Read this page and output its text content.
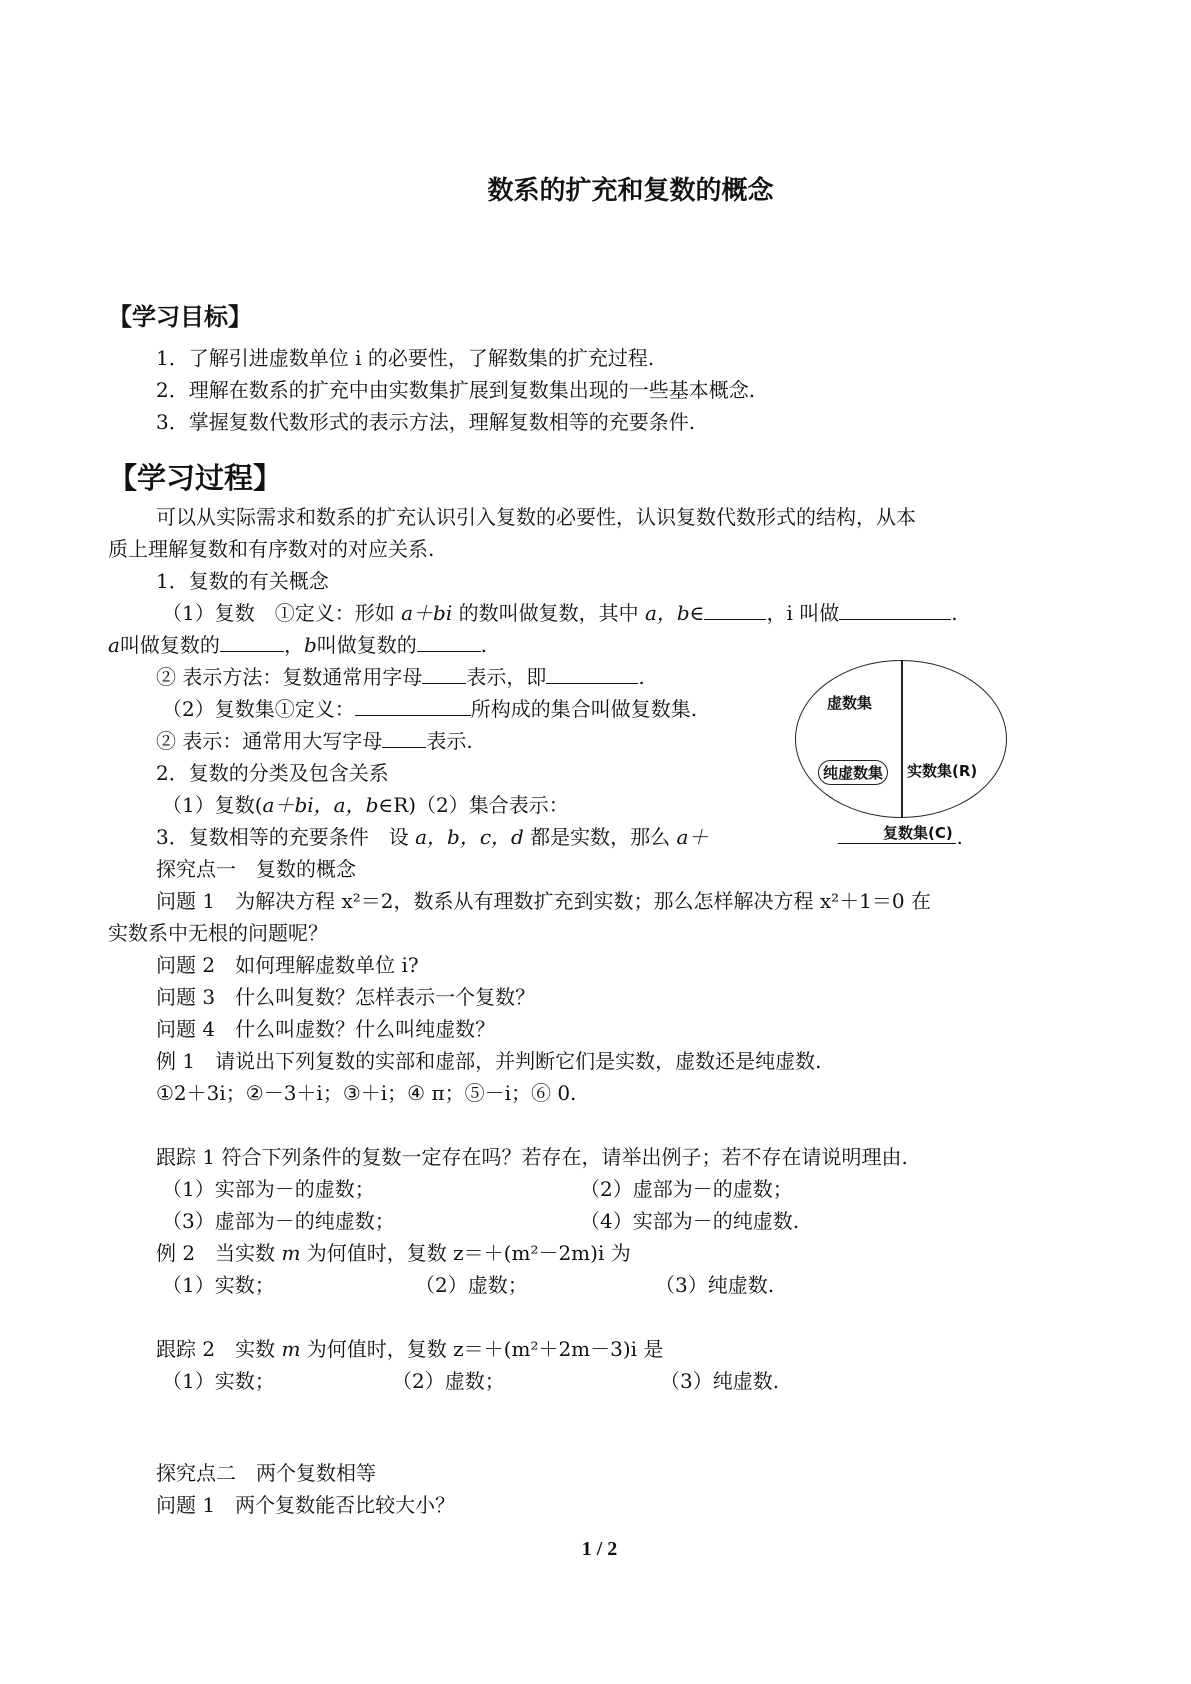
数系的扩充和复数的概念
【学习目标】
1．了解引进虚数单位 i 的必要性，了解数集的扩充过程.
2．理解在数系的扩充中由实数集扩展到复数集出现的一些基本概念.
3．掌握复数代数形式的表示方法，理解复数相等的充要条件.
【学习过程】
可以从实际需求和数系的扩充认识引入复数的必要性，认识复数代数形式的结构，从本
质上理解复数和有序数对的对应关系.
1．复数的有关概念
（1）复数　①定义：形如 a＋bi 的数叫做复数，其中 a，b∈	，i 叫做	.
a叫做复数的	，b叫做复数的	.
② 表示方法：复数通常用字母 表示，即	.
（2）复数集①定义：	所构成的集合叫做复数集.
② 表示：通常用大写字母 表示.
2．复数的分类及包含关系
（1）复数(a＋bi，a，b∈R)（2）集合表示：
3．复数相等的充要条件　设 a，b，c，d 都是实数，那么 a＋	.
虚数集
纯虚数集	实数集(R)
复数集(C)
探究点一　复数的概念
问题 1　为解决方程 x²＝2，数系从有理数扩充到实数；那么怎样解决方程 x²＋1＝0 在
实数系中无根的问题呢？
问题 2　如何理解虚数单位 i?
问题 3　什么叫复数？怎样表示一个复数？
问题 4　什么叫虚数？什么叫纯虚数？
例 1　请说出下列复数的实部和虚部，并判断它们是实数，虚数还是纯虚数.
①2＋3i；②－3＋i；③＋i；④ π；⑤－i；⑥ 0.
跟踪 1 符合下列条件的复数一定存在吗？若存在，请举出例子；若不存在请说明理由.
（1）实部为－的虚数；	（2）虚部为－的虚数；
（3）虚部为－的纯虚数；	（4）实部为－的纯虚数.
例 2　当实数 m 为何值时，复数 z＝＋(m²－2m)i 为
（1）实数；	（2）虚数；	（3）纯虚数.
跟踪 2　实数 m 为何值时，复数 z＝＋(m²＋2m－3)i 是
（1）实数；	（2）虚数；	（3）纯虚数.
探究点二　两个复数相等
问题 1　两个复数能否比较大小？
1 / 2
